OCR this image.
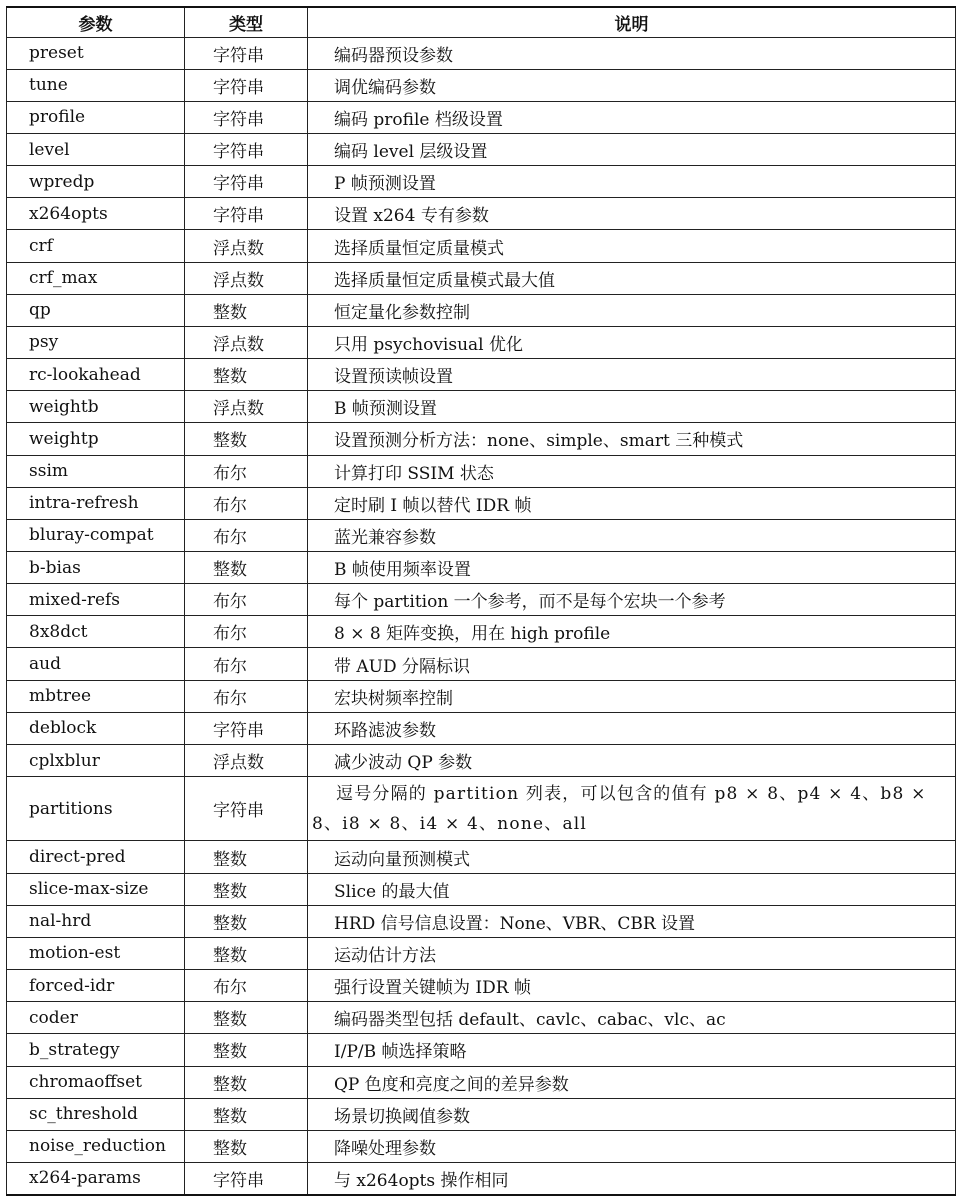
参数	类型	说明
preset	字符串	编码器预设参数
tune	字符串	调优编码参数
profile	字符串	编码 profile 档级设置
level	字符串	编码 level 层级设置
wpredp	字符串	P 帧预测设置
x264opts	字符串	设置 x264 专有参数
crf	浮点数	选择质量恒定质量模式
crf_max	浮点数	选择质量恒定质量模式最大值
qp	整数	恒定量化参数控制
psy	浮点数	只用 psychovisual 优化
rc-lookahead	整数	设置预读帧设置
weightb	浮点数	B 帧预测设置
weightp	整数	设置预测分析方法：none、simple、smart 三种模式
ssim	布尔	计算打印 SSIM 状态
intra-refresh	布尔	定时刷 I 帧以替代 IDR 帧
bluray-compat	布尔	蓝光兼容参数
b-bias	整数	B 帧使用频率设置
mixed-refs	布尔	每个 partition 一个参考，而不是每个宏块一个参考
8x8dct	布尔	8 × 8 矩阵变换，用在 high profile
aud	布尔	带 AUD 分隔标识
mbtree	布尔	宏块树频率控制
deblock	字符串	环路滤波参数
cplxblur	浮点数	减少波动 QP 参数
partitions	字符串	逗号分隔的 partition 列表，可以包含的值有 p8 × 8、p4 × 4、b8 × 8、i8 × 8、i4 × 4、none、all
direct-pred	整数	运动向量预测模式
slice-max-size	整数	Slice 的最大值
nal-hrd	整数	HRD 信号信息设置：None、VBR、CBR 设置
motion-est	整数	运动估计方法
forced-idr	布尔	强行设置关键帧为 IDR 帧
coder	整数	编码器类型包括 default、cavlc、cabac、vlc、ac
b_strategy	整数	I/P/B 帧选择策略
chromaoffset	整数	QP 色度和亮度之间的差异参数
sc_threshold	整数	场景切换阈值参数
noise_reduction	整数	降噪处理参数
x264-params	字符串	与 x264opts 操作相同
